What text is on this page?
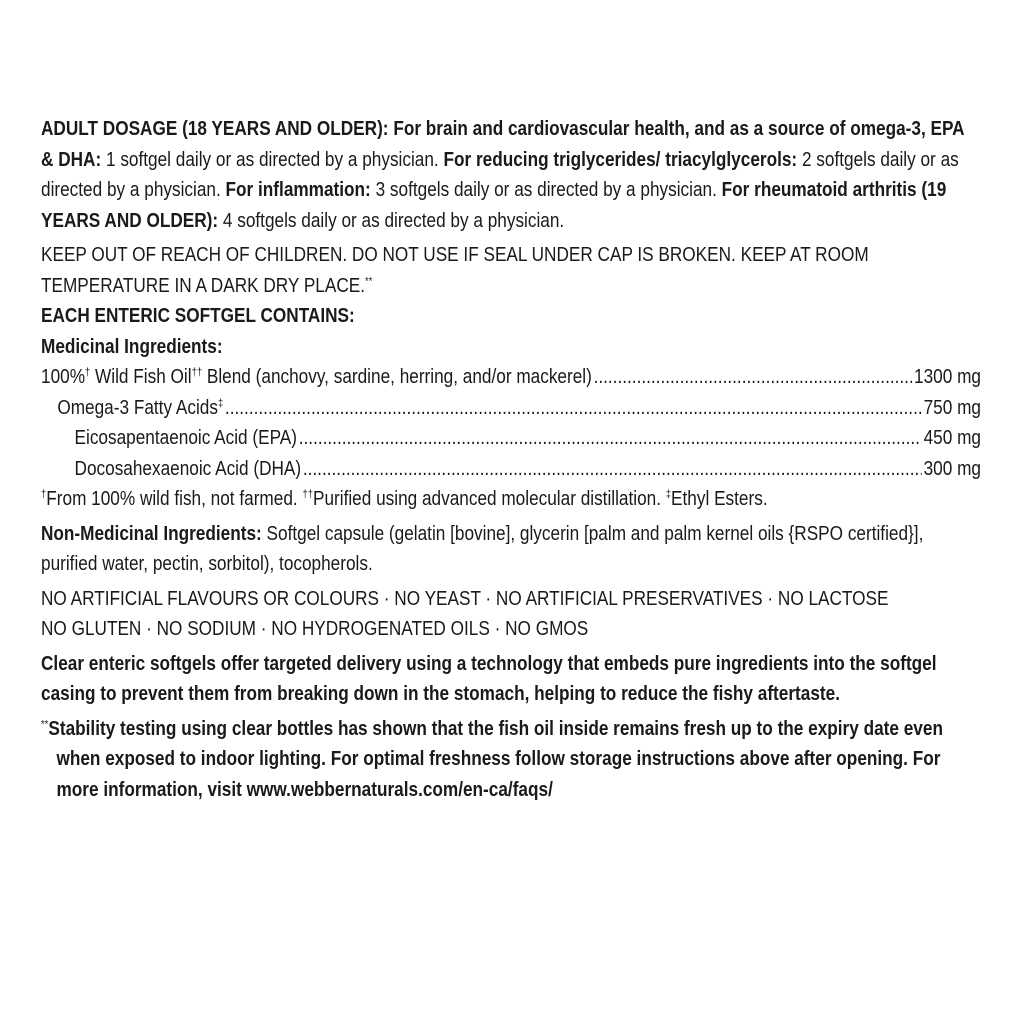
ADULT DOSAGE (18 YEARS AND OLDER): For brain and cardiovascular health, and as a source of omega-3, EPA & DHA: 1 softgel daily or as directed by a physician. For reducing triglycerides/ triacylglycerols: 2 softgels daily or as directed by a physician. For inflammation: 3 softgels daily or as directed by a physician. For rheumatoid arthritis (19 YEARS AND OLDER): 4 softgels daily or as directed by a physician.

KEEP OUT OF REACH OF CHILDREN. DO NOT USE IF SEAL UNDER CAP IS BROKEN. KEEP AT ROOM TEMPERATURE IN A DARK DRY PLACE.**

EACH ENTERIC SOFTGEL CONTAINS:

Medicinal Ingredients:

100%† Wild Fish Oil†† Blend (anchovy, sardine, herring, and/or mackerel) .....	1300 mg
Omega-3 Fatty Acids‡ .....	750 mg
Eicosapentaenoic Acid (EPA) .....	450 mg
Docosahexaenoic Acid (DHA) .....	300 mg

†From 100% wild fish, not farmed. ††Purified using advanced molecular distillation. ‡Ethyl Esters.

Non-Medicinal Ingredients: Softgel capsule (gelatin [bovine], glycerin [palm and palm kernel oils {RSPO certified}], purified water, pectin, sorbitol), tocopherols.

NO ARTIFICIAL FLAVOURS OR COLOURS · NO YEAST · NO ARTIFICIAL PRESERVATIVES · NO LACTOSE
NO GLUTEN · NO SODIUM · NO HYDROGENATED OILS · NO GMOS

Clear enteric softgels offer targeted delivery using a technology that embeds pure ingredients into the softgel casing to prevent them from breaking down in the stomach, helping to reduce the fishy aftertaste.

**Stability testing using clear bottles has shown that the fish oil inside remains fresh up to the expiry date even when exposed to indoor lighting. For optimal freshness follow storage instructions above after opening. For more information, visit www.webbernaturals.com/en-ca/faqs/
